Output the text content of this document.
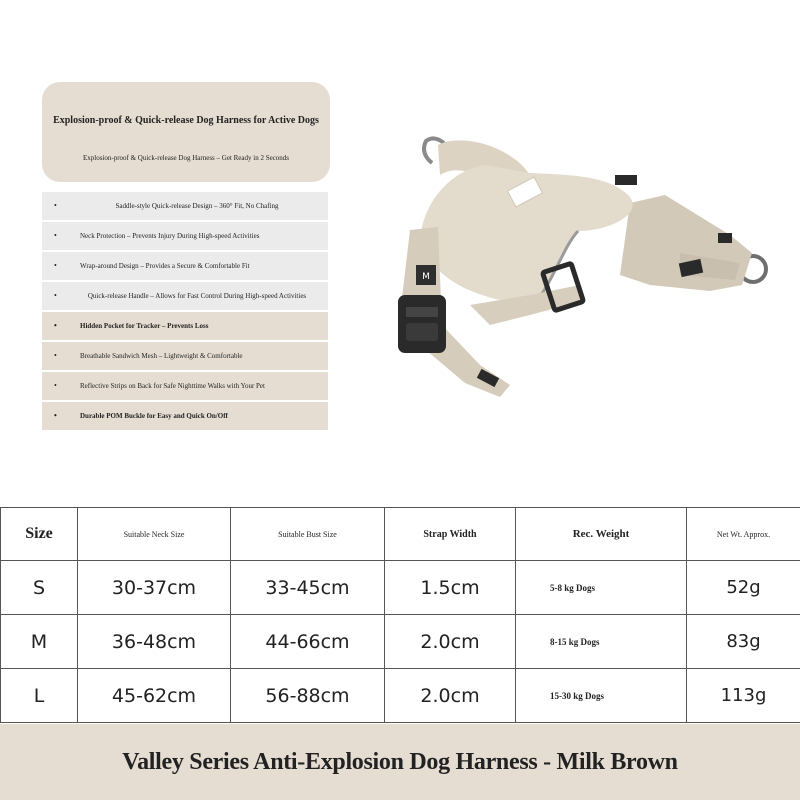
Explosion-proof & Quick-release Dog Harness for Active Dogs
Explosion-proof & Quick-release Dog Harness – Get Ready in 2 Seconds
•	Saddle-style Quick-release Design – 360° Fit, No Chafing
•	Neck Protection – Prevents Injury During High-speed Activities
•	Wrap-around Design – Provides a Secure & Comfortable Fit
•	Quick-release Handle – Allows for Fast Control During High-speed Activities
•	Hidden Pocket for Tracker – Prevents Loss
•	Breathable Sandwich Mesh – Lightweight & Comfortable
•	Reflective Strips on Back for Safe Nighttime Walks with Your Pet
•	Durable POM Buckle for Easy and Quick On/Off
M
Size	Suitable Neck Size	Suitable Bust Size	Strap Width	Rec. Weight	Net Wt. Approx.
S	30-37cm	33-45cm	1.5cm	5-8 kg Dogs	52g
M	36-48cm	44-66cm	2.0cm	8-15 kg Dogs	83g
L	45-62cm	56-88cm	2.0cm	15-30 kg Dogs	113g
Valley Series Anti-Explosion Dog Harness - Milk Brown
